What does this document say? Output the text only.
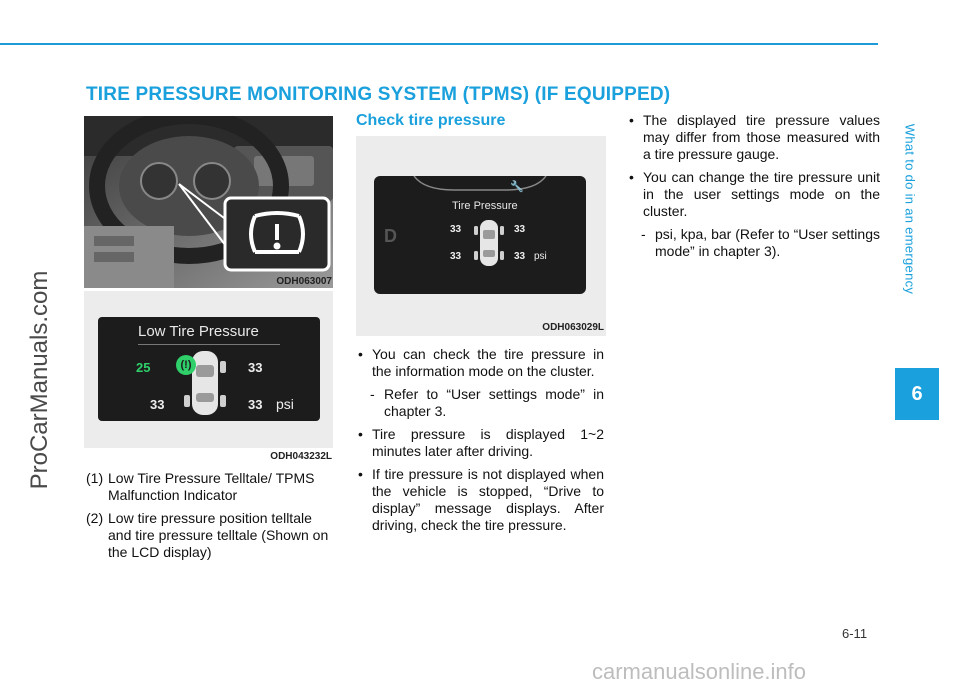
TIRE PRESSURE MONITORING SYSTEM (TPMS) (IF EQUIPPED)
What to do in an emergency
6
ProCarManuals.com	ODH063007
Low Tire Pressure
25	33
33	33 psi
(!)
ODH043232L
(1) Low Tire Pressure Telltale/ TPMS Malfunction Indicator
(2) Low tire pressure position telltale and tire pressure telltale (Shown on the LCD display)
Check tire pressure
🔧
Tire Pressure
D	33	33
33	33 psi
ODH063029L
• You can check the tire pressure in the information mode on the cluster.
- Refer to “User settings mode” in chapter 3.
• Tire pressure is displayed 1~2 minutes later after driving.
• If tire pressure is not displayed when the vehicle is stopped, “Drive to display” message displays. After driving, check the tire pressure.
• The displayed tire pressure values may differ from those measured with a tire pressure gauge.
• You can change the tire pressure unit in the user settings mode on the cluster.
- psi, kpa, bar (Refer to “User settings mode” in chapter 3).
6-11
carmanualsonline.info
